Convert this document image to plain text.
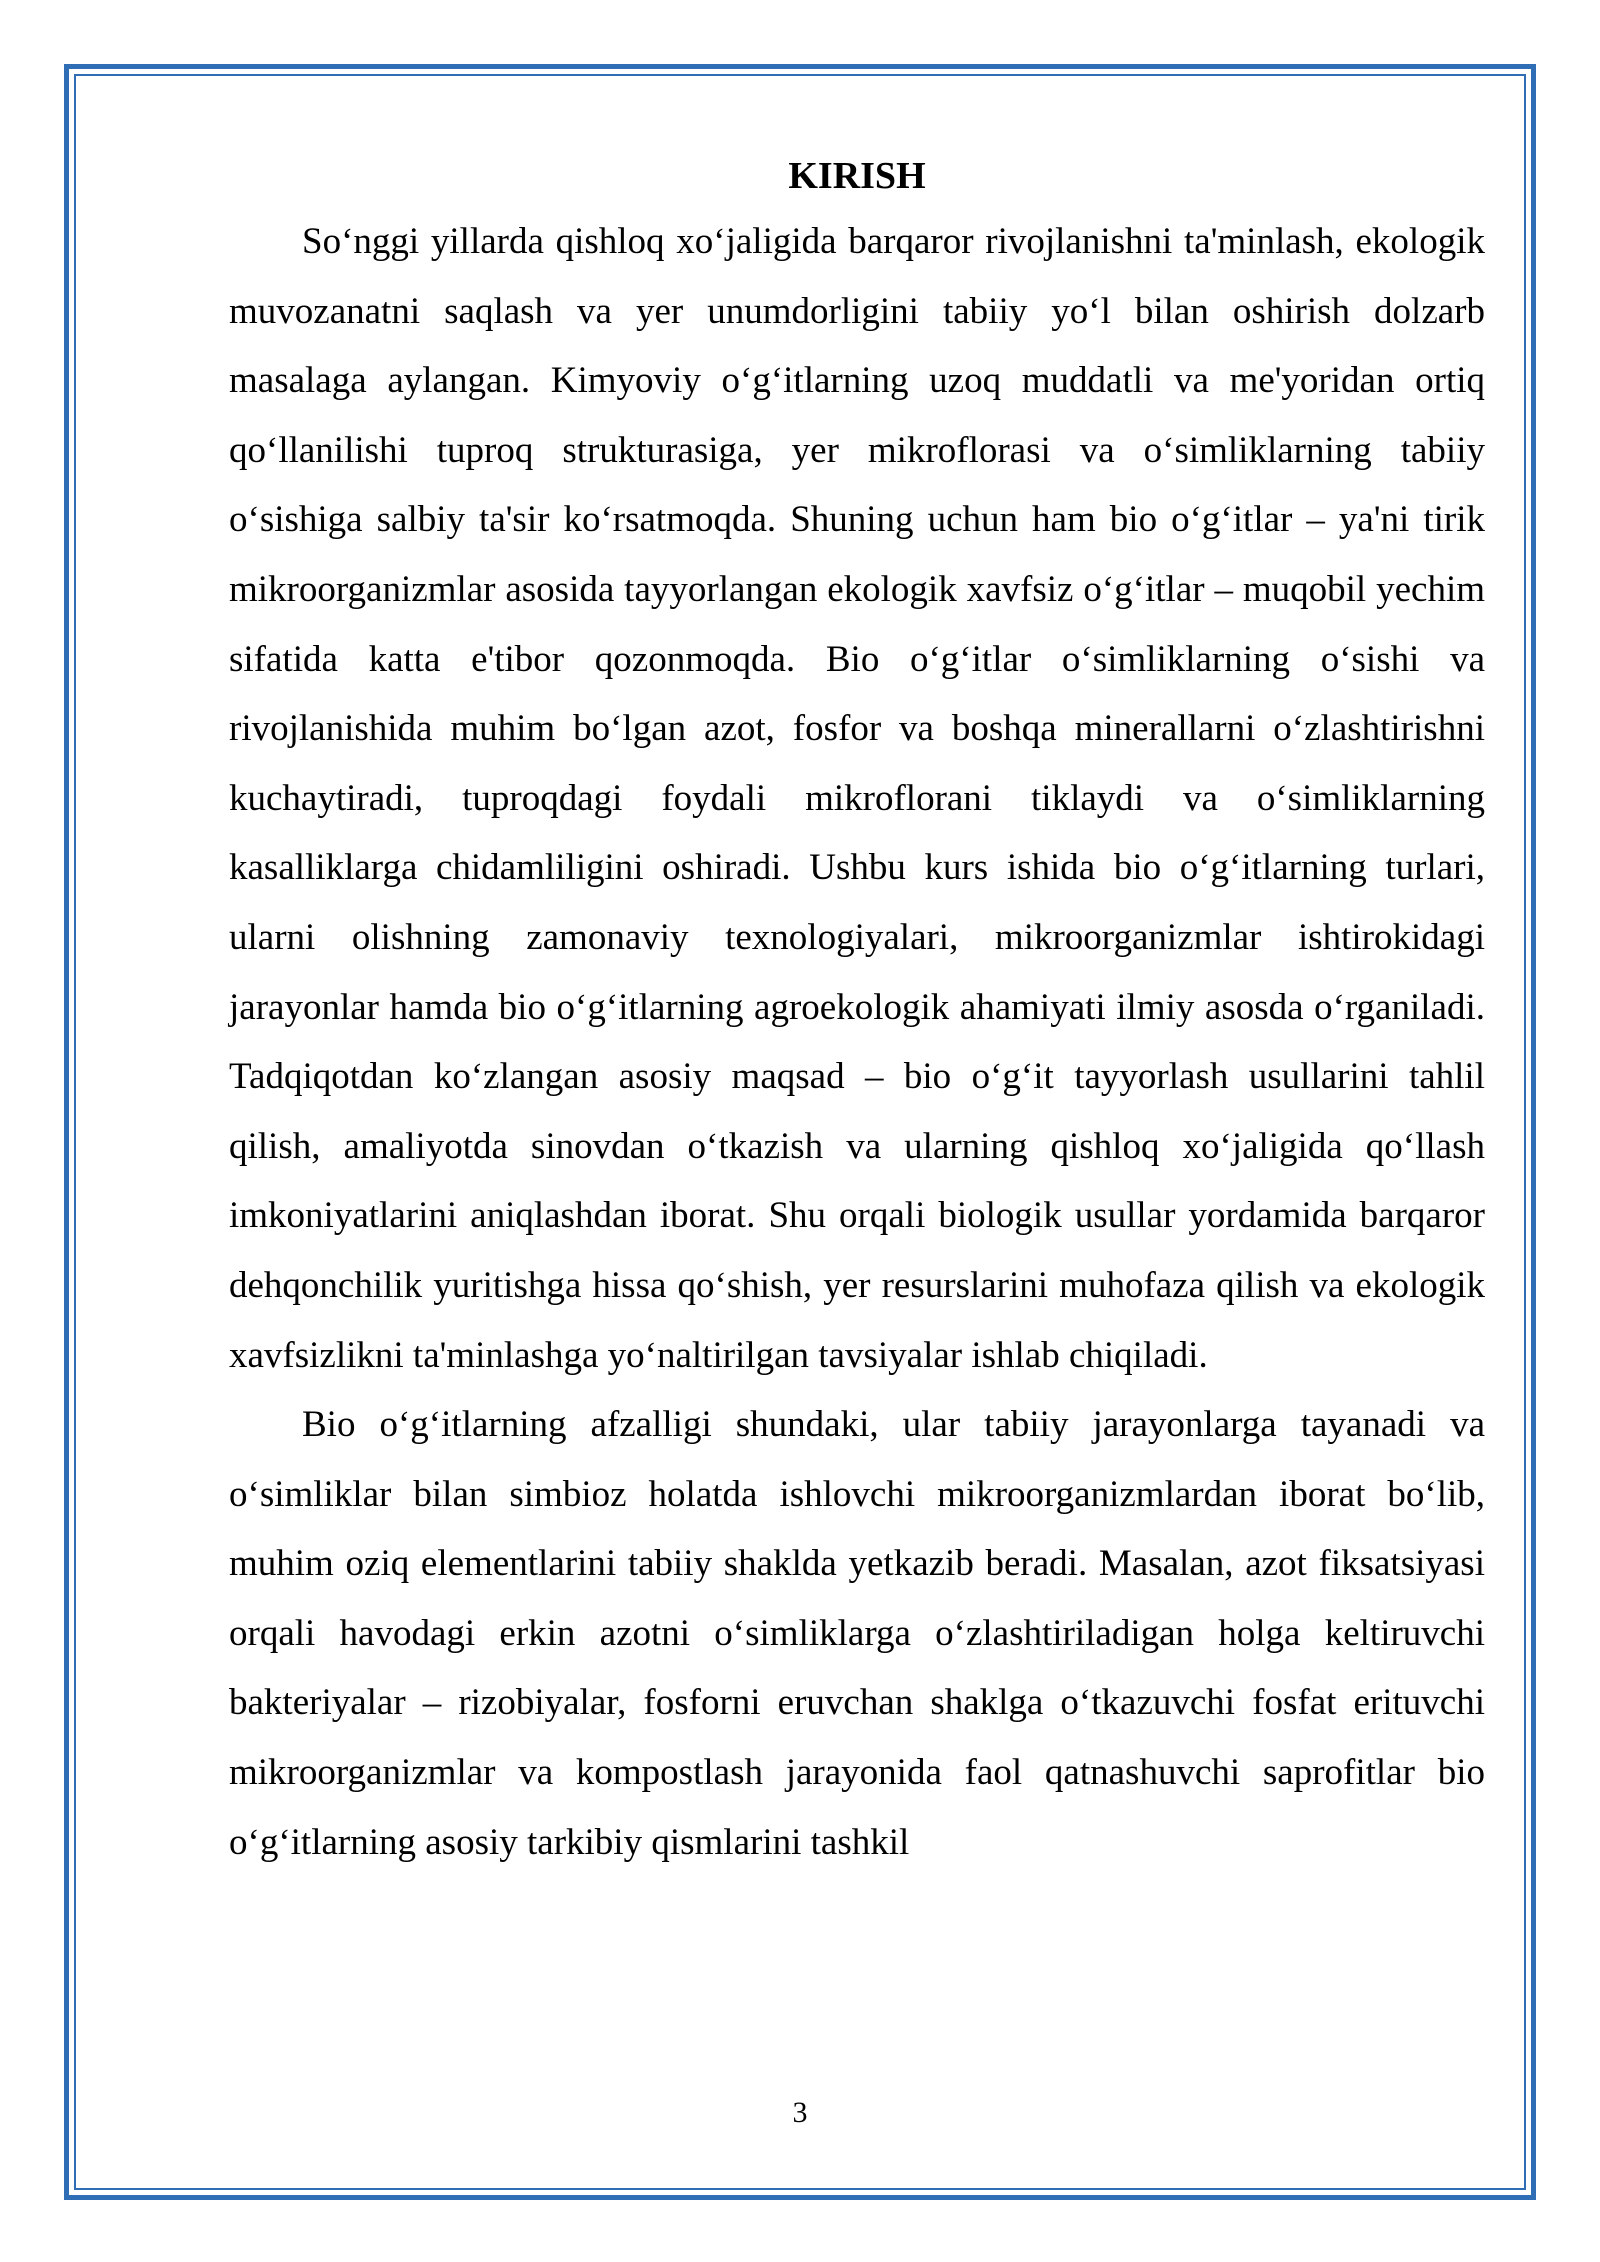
KIRISH

So‘nggi yillarda qishloq xo‘jaligida barqaror rivojlanishni ta'minlash, ekologik muvozanatni saqlash va yer unumdorligini tabiiy yo‘l bilan oshirish dolzarb masalaga aylangan. Kimyoviy o‘g‘itlarning uzoq muddatli va me'yoridan ortiq qo‘llanilishi tuproq strukturasiga, yer mikroflorasi va o‘simliklarning tabiiy o‘sishiga salbiy ta'sir ko‘rsatmoqda. Shuning uchun ham bio o‘g‘itlar – ya'ni tirik mikroorganizmlar asosida tayyorlangan ekologik xavfsiz o‘g‘itlar – muqobil yechim sifatida katta e'tibor qozonmoqda. Bio o‘g‘itlar o‘simliklarning o‘sishi va rivojlanishida muhim bo‘lgan azot, fosfor va boshqa minerallarni o‘zlashtirishni kuchaytiradi, tuproqdagi foydali mikroflorani tiklaydi va o‘simliklarning kasalliklarga chidamliligini oshiradi. Ushbu kurs ishida bio o‘g‘itlarning turlari, ularni olishning zamonaviy texnologiyalari, mikroorganizmlar ishtirokidagi jarayonlar hamda bio o‘g‘itlarning agroekologik ahamiyati ilmiy asosda o‘rganiladi. Tadqiqotdan ko‘zlangan asosiy maqsad – bio o‘g‘it tayyorlash usullarini tahlil qilish, amaliyotda sinovdan o‘tkazish va ularning qishloq xo‘jaligida qo‘llash imkoniyatlarini aniqlashdan iborat. Shu orqali biologik usullar yordamida barqaror dehqonchilik yuritishga hissa qo‘shish, yer resurslarini muhofaza qilish va ekologik xavfsizlikni ta'minlashga yo‘naltirilgan tavsiyalar ishlab chiqiladi.

Bio o‘g‘itlarning afzalligi shundaki, ular tabiiy jarayonlarga tayanadi va o‘simliklar bilan simbioz holatda ishlovchi mikroorganizmlardan iborat bo‘lib, muhim oziq elementlarini tabiiy shaklda yetkazib beradi. Masalan, azot fiksatsiyasi orqali havodagi erkin azotni o‘simliklarga o‘zlashtiriladigan holga keltiruvchi bakteriyalar – rizobiyalar, fosforni eruvchan shaklga o‘tkazuvchi fosfat erituvchi mikroorganizmlar va kompostlash jarayonida faol qatnashuvchi saprofitlar bio o‘g‘itlarning asosiy tarkibiy qismlarini tashkil

3
